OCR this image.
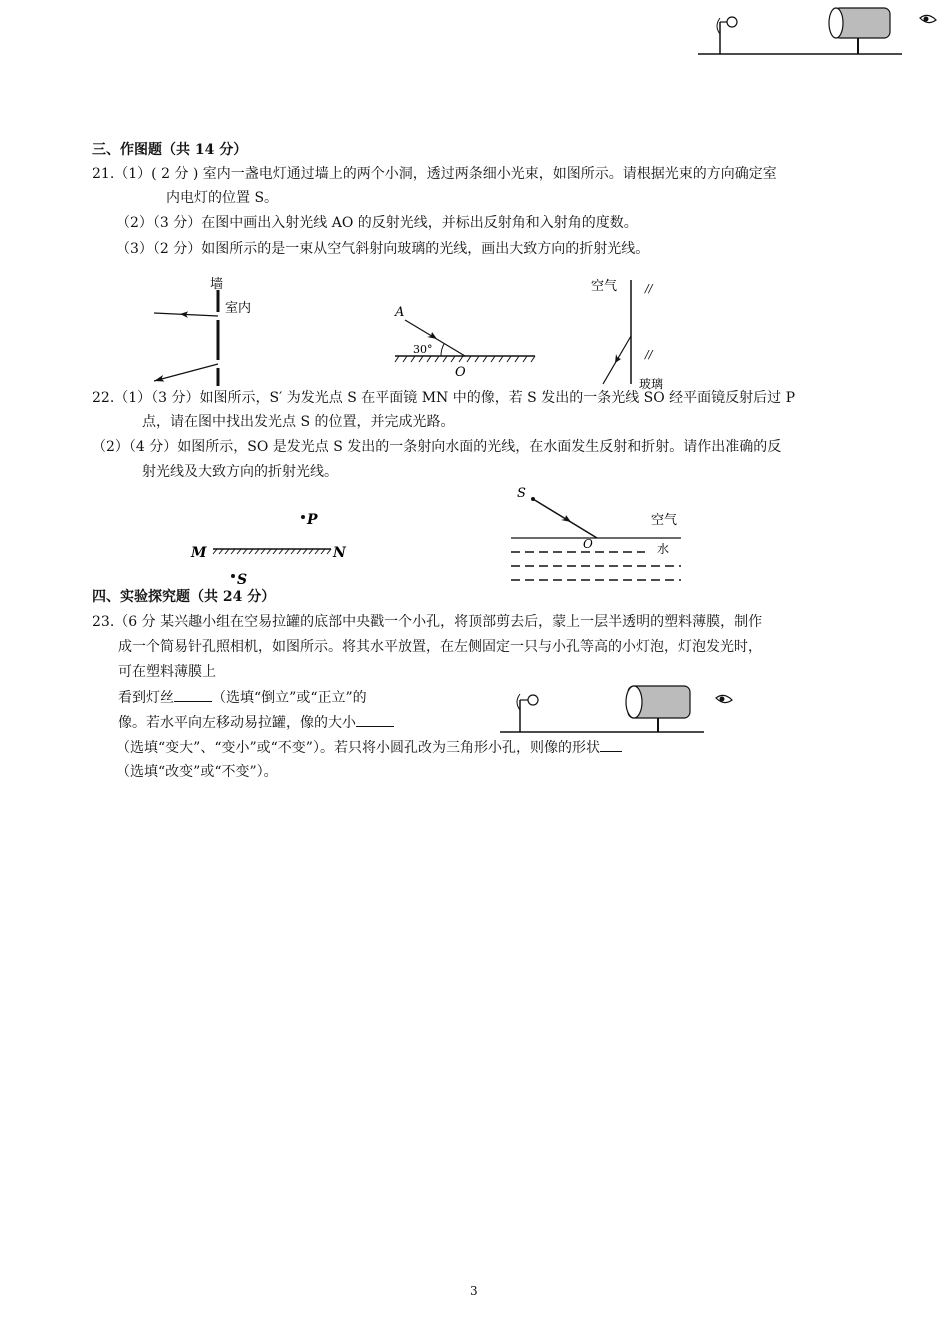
三、作图题（共 14 分）
21.（1）( 2 分 ) 室内一盏电灯通过墙上的两个小洞，透过两条细小光束，如图所示。请根据光束的方向确定室
内电灯的位置 S。
（2）（3 分）在图中画出入射光线 AO 的反射光线，并标出反射角和入射角的度数。
（3）（2 分）如图所示的是一束从空气斜射向玻璃的光线，画出大致方向的折射光线。
墙
室内	A
30°
O
空气	//
//
玻璃
22.（1）（3 分）如图所示，S′ 为发光点 S 在平面镜 MN 中的像，若 S 发出的一条光线 SO 经平面镜反射后过 P
点，请在图中找出发光点 S 的位置，并完成光路。
（2）（4 分）如图所示，SO 是发光点 S 发出的一条射向水面的光线，在水面发生反射和折射。请作出准确的反
射光线及大致方向的折射光线。
P
M	N
S
S
空气
O	水
四、实验探究题（共 24 分）
23.（6 分 某兴趣小组在空易拉罐的底部中央戳一个小孔，将顶部剪去后，蒙上一层半透明的塑料薄膜，制作
成一个简易针孔照相机，如图所示。将其水平放置，在左侧固定一只与小孔等高的小灯泡，灯泡发光时，
可在塑料薄膜上
看到灯丝	（选填“倒立”或“正立”的
像。若水平向左移动易拉罐，像的大小
（选填“变大”、“变小”或“不变”）。若只将小圆孔改为三角形小孔，则像的形状
（选填“改变”或“不变”）。
3
